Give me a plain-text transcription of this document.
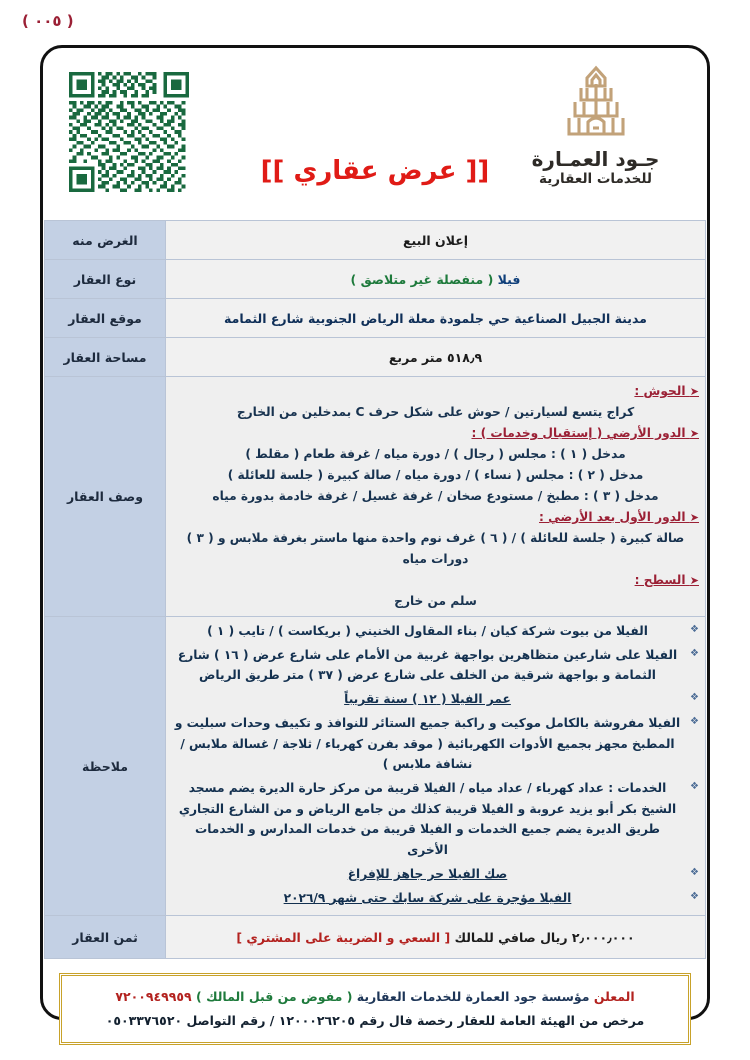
( ٠٠٥ )
جـود العمـارة
للخدمات العقارية
[[ عرض عقاري ]]
إعلان البيع	الغرض منه
فيلا ( منفصلة غير متلاصق )	نوع العقار
مدينة الجبيل الصناعية حي جلمودة معلة الرياض الجنوبية شارع الثمامة	موقع العقار
٥١٨٫٩ متر مربع	مساحة العقار

➤ الحوش :
كراج يتسع لسيارتين / حوش على شكل حرف C بمدخلين من الخارج
➤ الدور الأرضي ( إستقبال وخدمات ) :
مدخل ( ١ ) : مجلس ( رجال ) / دورة مياه / غرفة طعام ( مقلط )
مدخل ( ٢ ) : مجلس ( نساء ) / دورة مياه / صالة كبيرة ( جلسة للعائلة )
مدخل ( ٣ ) : مطبخ / مستودع صخان / غرفة غسيل / غرفة خادمة بدورة مياه
➤ الدور الأول بعد الأرضي :
صالة كبيرة ( جلسة للعائلة ) / ( ٦ ) غرف نوم واحدة منها ماستر بغرفة ملابس و ( ٣ ) دورات مياه
➤ السطح :
سلم من خارج
	وصف العقار

❖ الفيلا من بيوت شركة كيان / بناء المقاول الخنيني ( بريكاست ) / تايب ( ١ )
❖ الفيلا على شارعين متظاهرين بواجهة غربية من الأمام على شارع عرض ( ١٦ ) شارع الثمامة و بواجهة شرقية من الخلف على شارع عرض ( ٣٧ ) متر طريق الرياض
❖ عمر الفيلا ( ١٢ ) سنة تقريباً
❖ الفيلا مفروشة بالكامل موكيت و راكبة جميع الستائر للنوافذ و تكييف وحدات سبليت و المطبخ مجهز بجميع الأدوات الكهربائية ( موقد بفرن كهرباء / ثلاجة / غسالة ملابس / نشافة ملابس )
❖ الخدمات : عداد كهرباء / عداد مياه / الفيلا قريبة من مركز حارة الديرة يضم مسجد الشيخ بكر أبو يزيد عروبة و الفيلا قريبة كذلك من جامع الرياض و من الشارع التجاري طريق الديرة يضم جميع الخدمات و الفيلا قريبة من خدمات المدارس و الخدمات الأخرى
❖ صك الفيلا حر جاهز للإفراغ
❖ الفيلا مؤجرة على شركة سابك حتى شهر ٢٠٢٦/٩
	ملاحظة
٢٫٠٠٠٫٠٠٠ ريال صافي للمالك [ السعي و الضريبة على المشتري ]	ثمن العقار
المعلن مؤسسة جود العمارة للخدمات العقارية ( مفوض من قبل المالك ) ٧٢٠٠٩٤٩٩٥٩
مرخص من الهيئة العامة للعقار رخصة فال رقم ١٢٠٠٠٢٦٢٠٥ / رقم التواصل ٠٥٠٣٣٧٦٥٢٠
